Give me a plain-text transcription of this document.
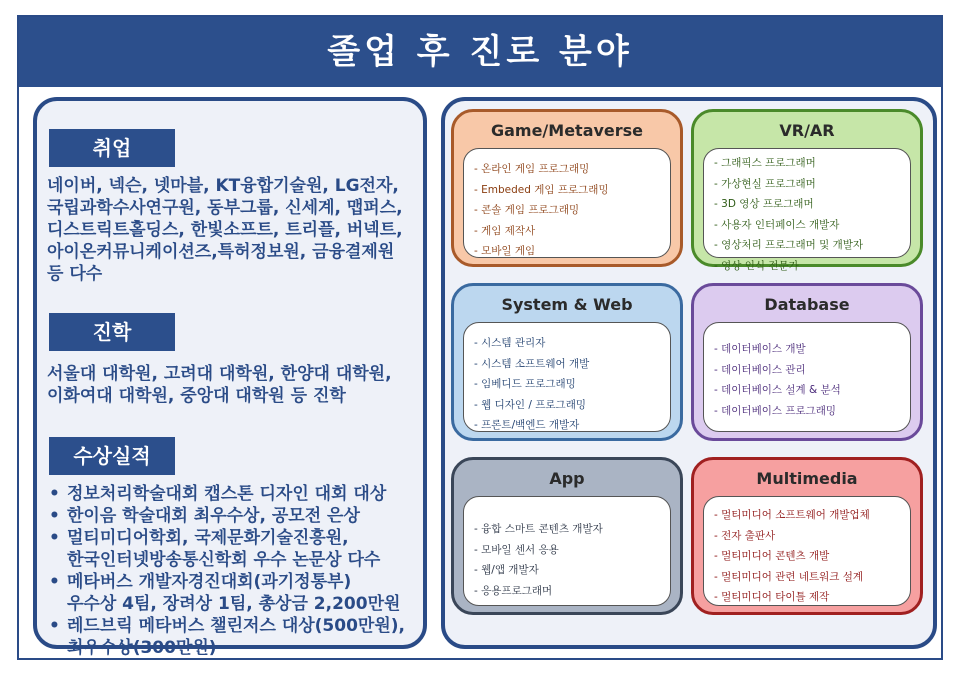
졸업 후 진로 분야
취업
네이버, 넥슨, 넷마블, KT융합기술원, LG전자,
국립과학수사연구원, 동부그룹, 신세계, 맵퍼스,
디스트릭트홀딩스, 한빛소프트, 트리플, 버넥트,
아이온커뮤니케이션즈,특허정보원, 금융결제원
등 다수
진학
서울대 대학원, 고려대 대학원, 한양대 대학원,
이화여대 대학원, 중앙대 대학원 등 진학
수상실적
• 정보처리학술대회 캡스톤 디자인 대회 대상
• 한이음 학술대회 최우수상, 공모전 은상
• 멀티미디어학회, 국제문화기술진흥원,
한국인터넷방송통신학회 우수 논문상 다수
• 메타버스 개발자경진대회(과기정통부)
우수상 4팀, 장려상 1팀, 총상금 2,200만원
• 레드브릭 메타버스 챌린저스 대상(500만원),
최우수상(300만원)
Game/Metaverse
- 온라인 게임 프로그래밍
- Embeded 게임 프로그래밍
- 콘솔 게임 프로그래밍
- 게임 제작사
- 모바일 게임
VR/AR
- 그래픽스 프로그래머
- 가상현실 프로그래머
- 3D 영상 프로그래머
- 사용자 인터페이스 개발자
- 영상처리 프로그래머 및 개발자
- 영상 인식 전문가
System & Web
- 시스템 관리자
- 시스템 소프트웨어 개발
- 임베디드 프로그래밍
- 웹 디자인 / 프로그래밍
- 프론트/백엔드 개발자
Database
- 데이터베이스 개발
- 데이터베이스 관리
- 데이터베이스 설계 & 분석
- 데이터베이스 프로그래밍
App
- 융합 스마트 콘텐츠 개발자
- 모바일 센서 응용
- 웹/앱 개발자
- 응용프로그래머
Multimedia
- 멀티미디어 소프트웨어 개발업체
- 전자 출판사
- 멀티미디어 콘텐츠 개발
- 멀티미디어 관련 네트워크 설계
- 멀티미디어 타이틀 제작
